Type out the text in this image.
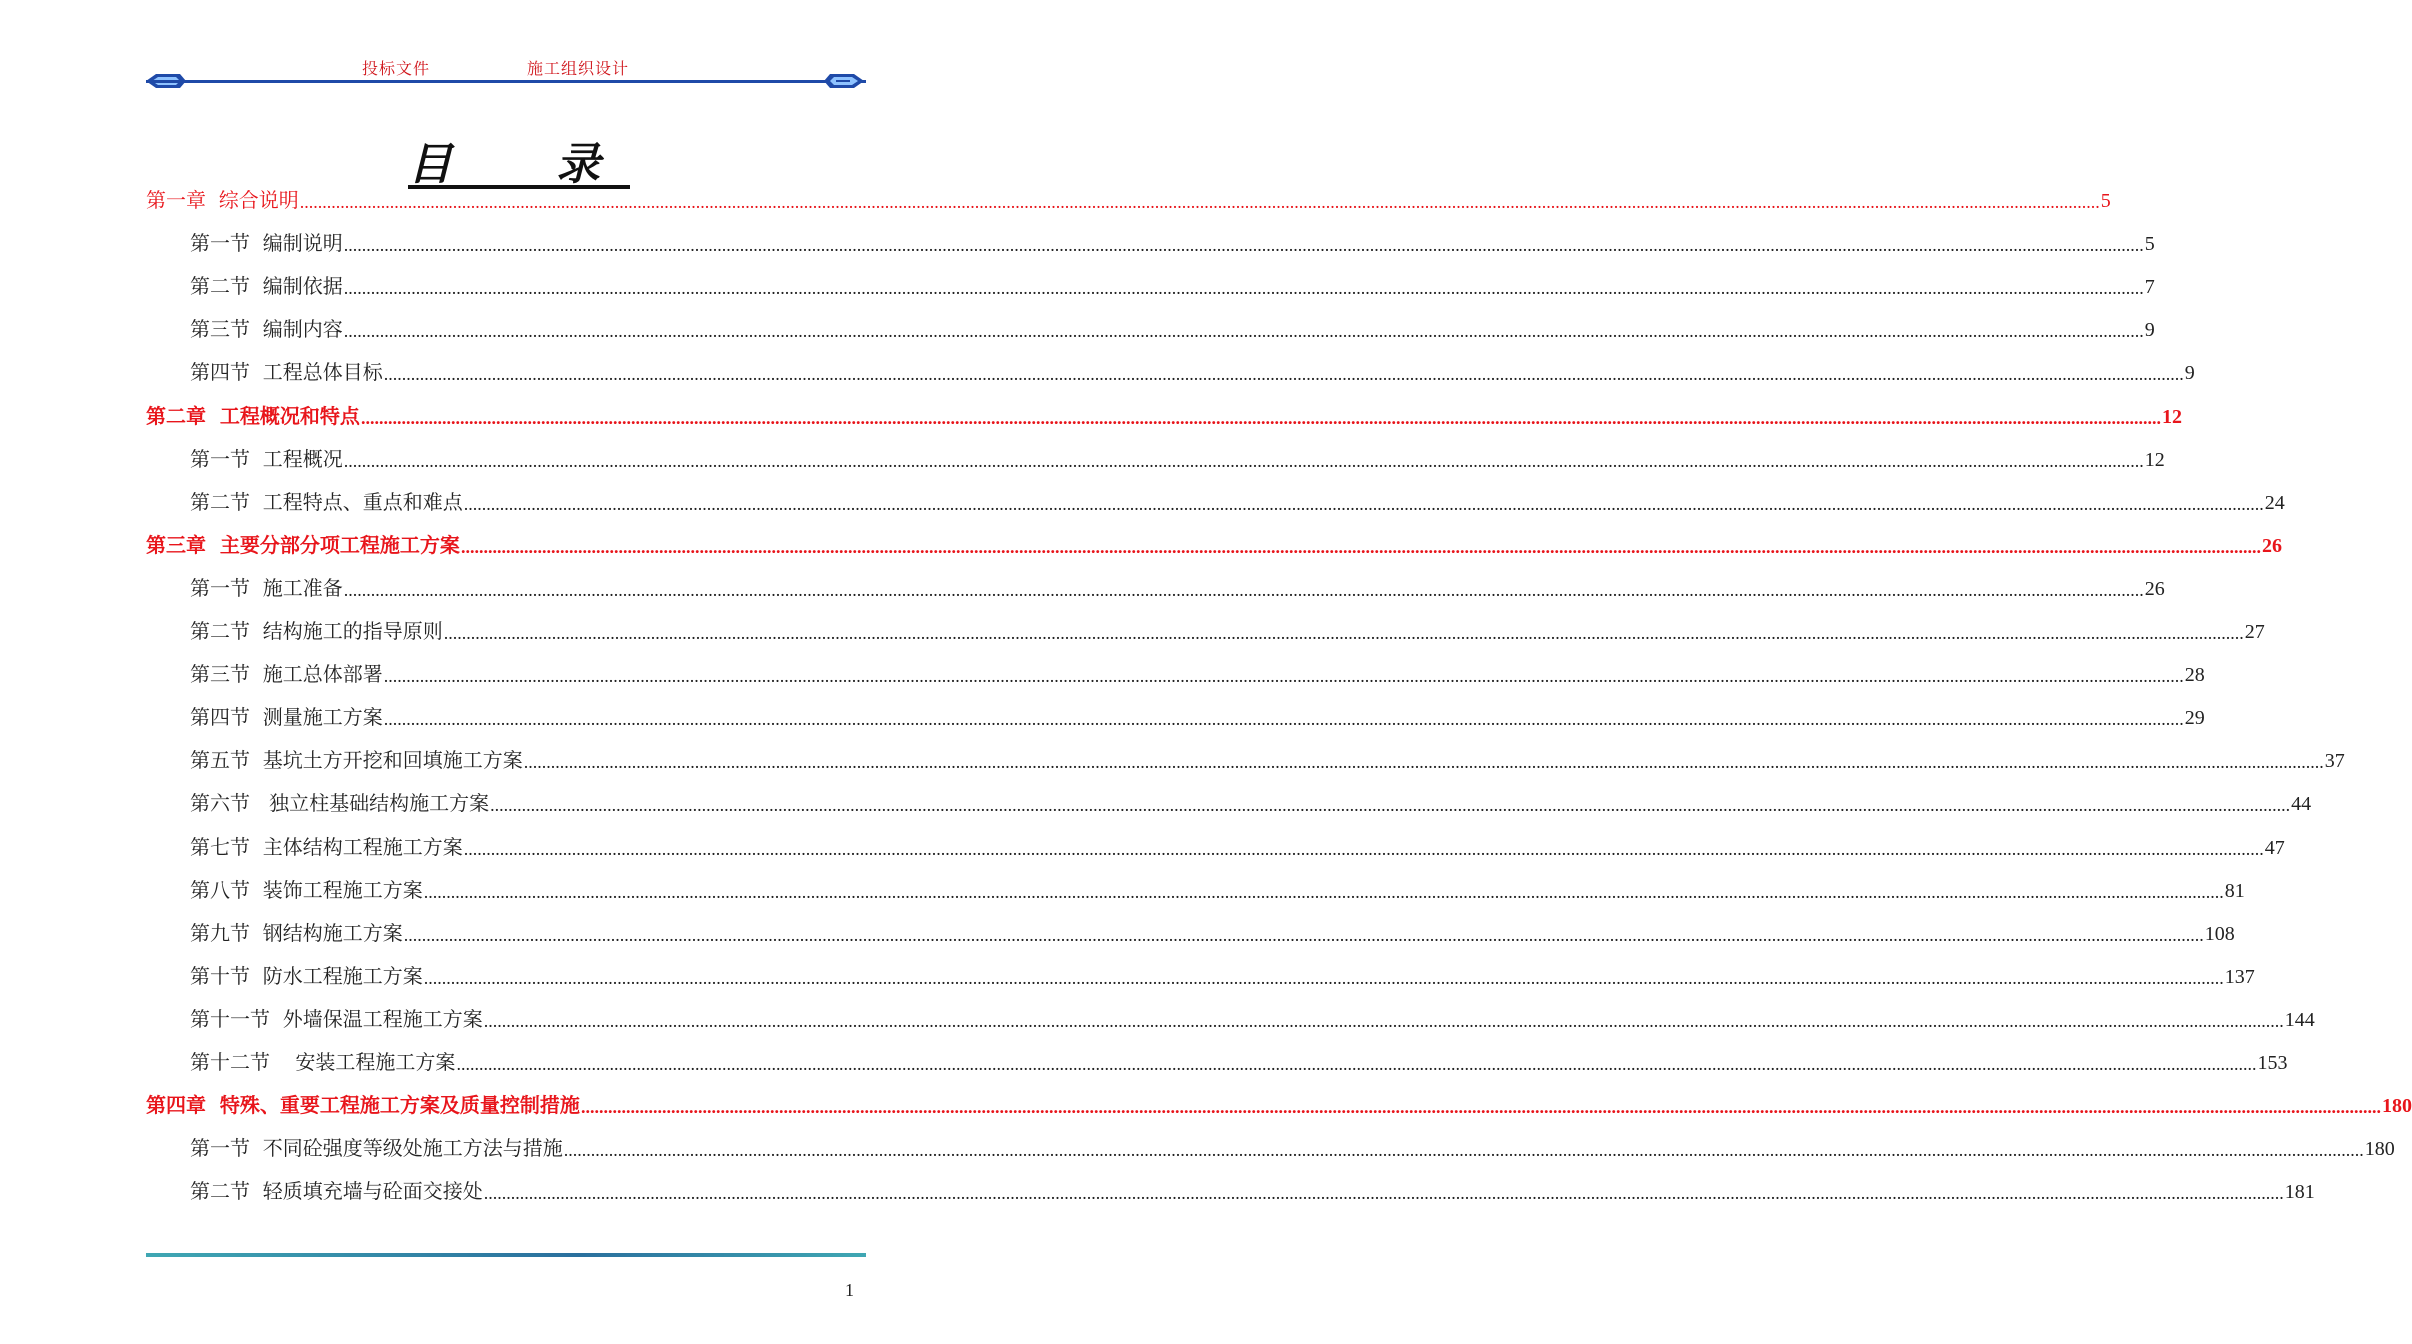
投标文件	施工组织设计
目　录
第一章  综合说明 ................................................................................................................................................................................................................................................................................................................................................................................................................ 5
第一节  编制说明 ................................................................................................................................................................................................................................................................................................................................................................................................................ 5
第二节  编制依据 ................................................................................................................................................................................................................................................................................................................................................................................................................ 7
第三节  编制内容 ................................................................................................................................................................................................................................................................................................................................................................................................................ 9
第四节  工程总体目标 ................................................................................................................................................................................................................................................................................................................................................................................................................ 9
第二章  工程概况和特点 ................................................................................................................................................................................................................................................................................................................................................................................................................ 12
第一节  工程概况 ................................................................................................................................................................................................................................................................................................................................................................................................................ 12
第二节  工程特点、重点和难点 ................................................................................................................................................................................................................................................................................................................................................................................................................ 24
第三章  主要分部分项工程施工方案 ................................................................................................................................................................................................................................................................................................................................................................................................................ 26
第一节  施工准备 ................................................................................................................................................................................................................................................................................................................................................................................................................ 26
第二节  结构施工的指导原则 ................................................................................................................................................................................................................................................................................................................................................................................................................ 27
第三节  施工总体部署 ................................................................................................................................................................................................................................................................................................................................................................................................................ 28
第四节  测量施工方案 ................................................................................................................................................................................................................................................................................................................................................................................................................ 29
第五节  基坑土方开挖和回填施工方案 ................................................................................................................................................................................................................................................................................................................................................................................................................ 37
第六节   独立柱基础结构施工方案 ................................................................................................................................................................................................................................................................................................................................................................................................................ 44
第七节  主体结构工程施工方案 ................................................................................................................................................................................................................................................................................................................................................................................................................ 47
第八节  装饰工程施工方案 ................................................................................................................................................................................................................................................................................................................................................................................................................ 81
第九节  钢结构施工方案 ................................................................................................................................................................................................................................................................................................................................................................................................................ 108
第十节  防水工程施工方案 ................................................................................................................................................................................................................................................................................................................................................................................................................ 137
第十一节  外墙保温工程施工方案 ................................................................................................................................................................................................................................................................................................................................................................................................................ 144
第十二节    安装工程施工方案 ................................................................................................................................................................................................................................................................................................................................................................................................................ 153
第四章  特殊、重要工程施工方案及质量控制措施 ................................................................................................................................................................................................................................................................................................................................................................................................................ 180
第一节  不同砼强度等级处施工方法与措施 ................................................................................................................................................................................................................................................................................................................................................................................................................ 180
第二节  轻质填充墙与砼面交接处 ................................................................................................................................................................................................................................................................................................................................................................................................................ 181
1
